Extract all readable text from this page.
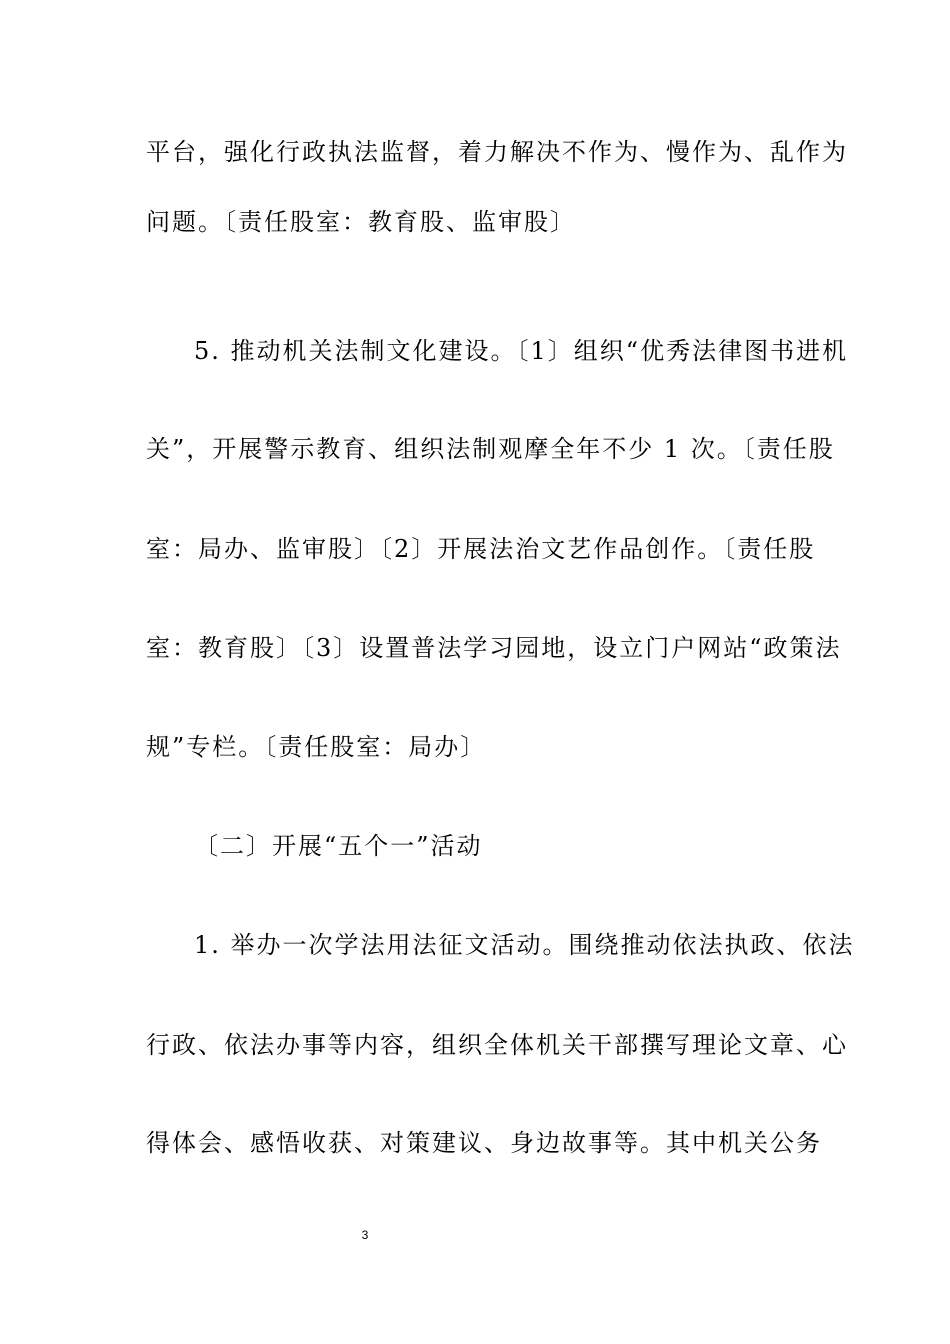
平台，强化行政执法监督，着力解决不作为、慢作为、乱作为
问题。〔责任股室：教育股、监审股〕
5. 推动机关法制文化建设。〔1〕组织“优秀法律图书进机
关”，开展警示教育、组织法制观摩全年不少 1 次。〔责任股
室：局办、监审股〕〔2〕开展法治文艺作品创作。〔责任股
室：教育股〕〔3〕设置普法学习园地，设立门户网站“政策法
规”专栏。〔责任股室：局办〕
〔二〕开展“五个一”活动
1. 举办一次学法用法征文活动。围绕推动依法执政、依法
行政、依法办事等内容，组织全体机关干部撰写理论文章、心
得体会、感悟收获、对策建议、身边故事等。其中机关公务
3
